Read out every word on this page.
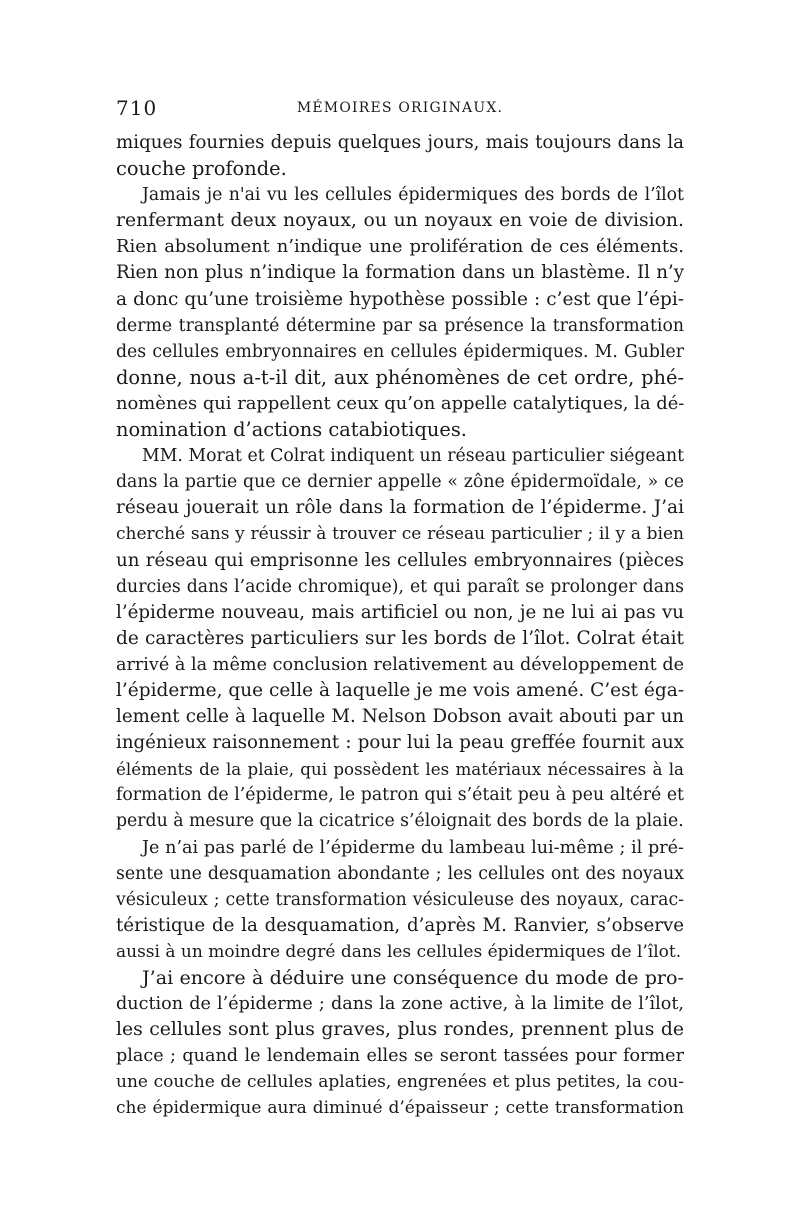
710	MÉMOIRES ORIGINAUX.
miques fournies depuis quelques jours, mais toujours dans la
couche profonde.
Jamais je n'ai vu les cellules épidermiques des bords de l’îlot
renfermant deux noyaux, ou un noyaux en voie de division.
Rien absolument n’indique une prolifération de ces éléments.
Rien non plus n’indique la formation dans un blastème. Il n’y
a donc qu’une troisième hypothèse possible : c’est que l’épi-
derme transplanté détermine par sa présence la transformation
des cellules embryonnaires en cellules épidermiques. M. Gubler
donne, nous a-t-il dit, aux phénomènes de cet ordre, phé-
nomènes qui rappellent ceux qu’on appelle catalytiques, la dé-
nomination d’actions catabiotiques.
MM. Morat et Colrat indiquent un réseau particulier siégeant
dans la partie que ce dernier appelle « zône épidermoïdale, » ce
réseau jouerait un rôle dans la formation de l’épiderme. J’ai
cherché sans y réussir à trouver ce réseau particulier ; il y a bien
un réseau qui emprisonne les cellules embryonnaires (pièces
durcies dans l’acide chromique), et qui paraît se prolonger dans
l’épiderme nouveau, mais artificiel ou non, je ne lui ai pas vu
de caractères particuliers sur les bords de l’îlot. Colrat était
arrivé à la même conclusion relativement au développement de
l’épiderme, que celle à laquelle je me vois amené. C’est éga-
lement celle à laquelle M. Nelson Dobson avait abouti par un
ingénieux raisonnement : pour lui la peau greffée fournit aux
éléments de la plaie, qui possèdent les matériaux nécessaires à la
formation de l’épiderme, le patron qui s’était peu à peu altéré et
perdu à mesure que la cicatrice s’éloignait des bords de la plaie.
Je n’ai pas parlé de l’épiderme du lambeau lui-même ; il pré-
sente une desquamation abondante ; les cellules ont des noyaux
vésiculeux ; cette transformation vésiculeuse des noyaux, carac-
téristique de la desquamation, d’après M. Ranvier, s’observe
aussi à un moindre degré dans les cellules épidermiques de l’îlot.
J’ai encore à déduire une conséquence du mode de pro-
duction de l’épiderme ; dans la zone active, à la limite de l’îlot,
les cellules sont plus graves, plus rondes, prennent plus de
place ; quand le lendemain elles se seront tassées pour former
une couche de cellules aplaties, engrenées et plus petites, la cou-
che épidermique aura diminué d’épaisseur ; cette transformation
